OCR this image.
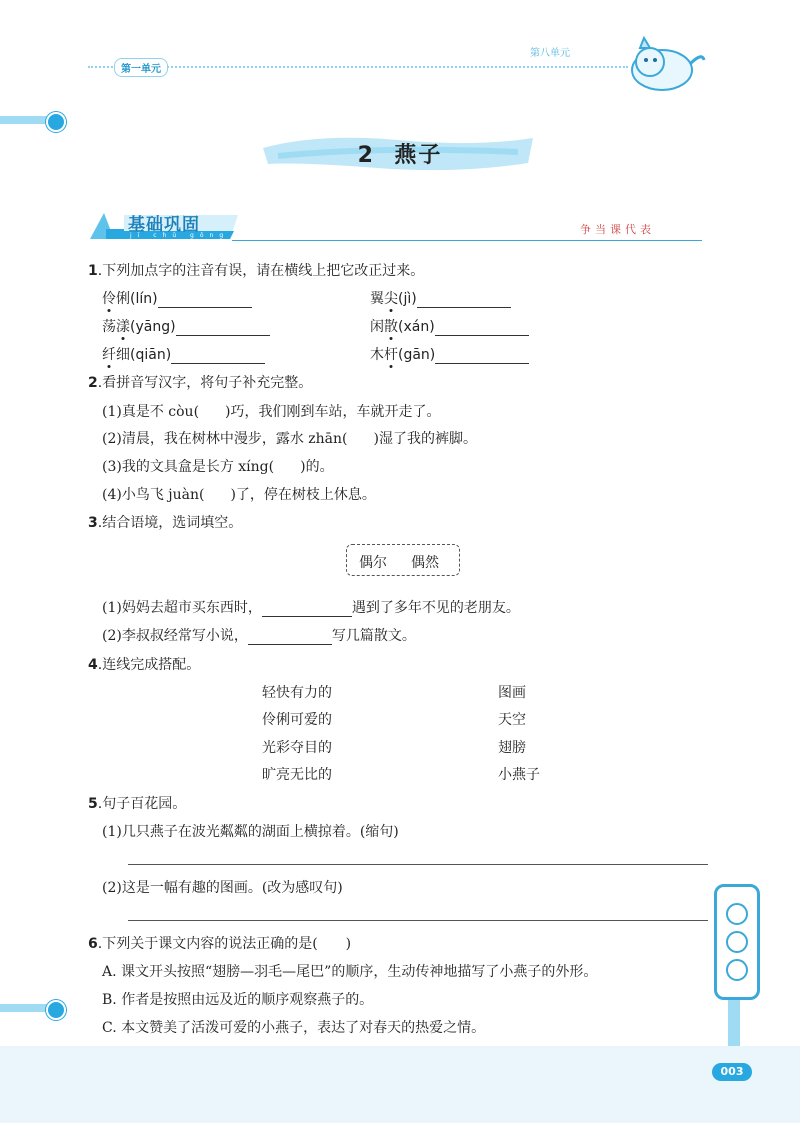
第一单元
第八单元
2 燕子
基础巩固
jī chǔ gǒng gù	争当课代表
1.下列加点字的注音有误，请在横线上把它改正过来。
伶俐(lín)	翼尖(jì)
荡漾(yāng)	闲散(xán)
纤细(qiān)	木杆(gān)
2.看拼音写汉字，将句子补充完整。
(1)真是不 còu( )巧，我们刚到车站，车就开走了。
(2)清晨，我在树林中漫步，露水 zhān( )湿了我的裤脚。
(3)我的文具盒是长方 xíng( )的。
(4)小鸟飞 juàn( )了，停在树枝上休息。
3.结合语境，选词填空。
偶尔 偶然
(1)妈妈去超市买东西时，	遇到了多年不见的老朋友。
(2)李叔叔经常写小说，	写几篇散文。
4.连线完成搭配。
轻快有力的
伶俐可爱的
光彩夺目的
旷亮无比的
图画
天空
翅膀
小燕子
5.句子百花园。
(1)几只燕子在波光粼粼的湖面上横掠着。(缩句)
(2)这是一幅有趣的图画。(改为感叹句)
6.下列关于课文内容的说法正确的是(　　)
A. 课文开头按照“翅膀—羽毛—尾巴”的顺序，生动传神地描写了小燕子的外形。
B. 作者是按照由远及近的顺序观察燕子的。
C. 本文赞美了活泼可爱的小燕子，表达了对春天的热爱之情。
003
